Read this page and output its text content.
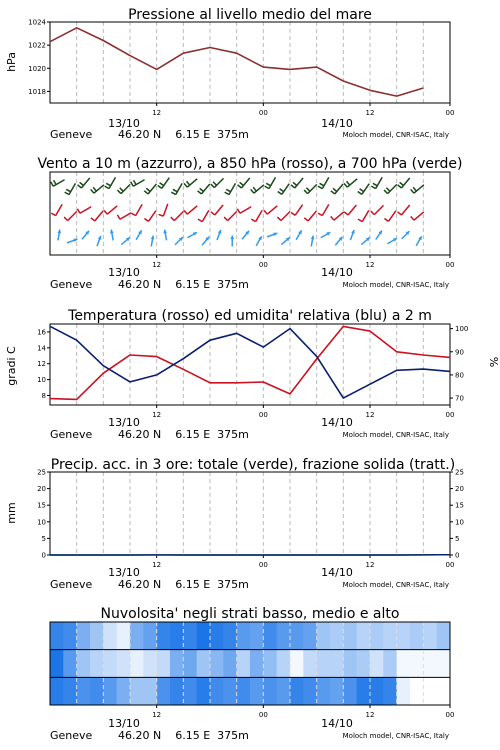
Pressione al livello medio del mare
hPa
12	00	12	00
1018
1020
1022
1024
Vento a 10 m (azzurro), a 850 hPa (rosso), a 700 hPa (verde)
12	00	12	00
Temperatura (rosso) ed umidita' relativa (blu) a 2 m
gradi C	%
12	00	12	00
8
10
12
14
16
70
80
90
100
Precip. acc. in 3 ore: totale (verde), frazione solida (tratt.)
mm
12	00	12	00
0
5
10
15
20
25
0
5
10
15
20
25
Nuvolosita' negli strati basso, medio e alto
12	00	12	00
13/10	14/10
Geneve 46.20 N    6.15 E  375m	Moloch model, CNR-ISAC, Italy
13/10	14/10
Geneve 46.20 N    6.15 E  375m	Moloch model, CNR-ISAC, Italy
13/10	14/10
Geneve 46.20 N    6.15 E  375m	Moloch model, CNR-ISAC, Italy
13/10	14/10
Geneve 46.20 N    6.15 E  375m	Moloch model, CNR-ISAC, Italy
13/10	14/10
Geneve 46.20 N    6.15 E  375m	Moloch model, CNR-ISAC, Italy
